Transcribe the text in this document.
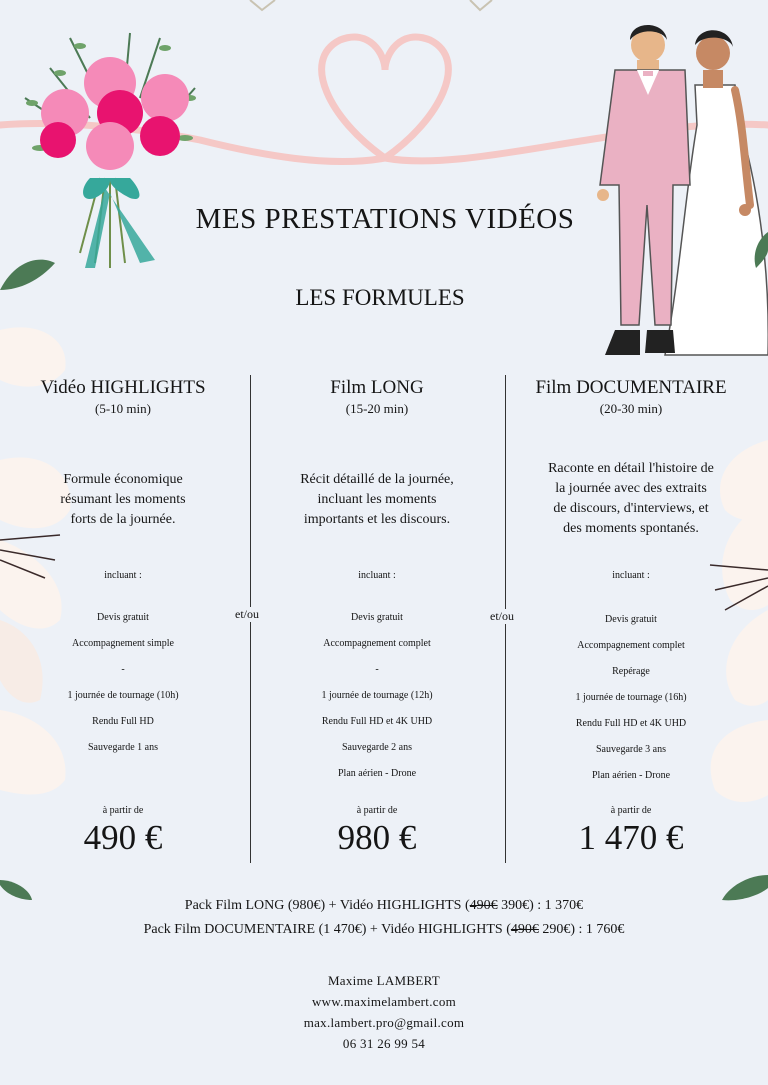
MES PRESTATIONS VIDÉOS
LES FORMULES
Vidéo HIGHLIGHTS
(5-10 min)
Formule économique
résumant les moments
forts de la journée.
incluant :
Devis gratuit
Accompagnement simple
-
1 journée de tournage (10h)
Rendu Full HD
Sauvegarde 1 ans
à partir de
490 €
Film LONG
(15-20 min)
Récit détaillé de la journée,
incluant les moments
importants et les discours.
incluant :
Devis gratuit
Accompagnement complet
-
1 journée de tournage (12h)
Rendu Full HD et 4K UHD
Sauvegarde 2 ans
Plan aérien - Drone
à partir de
980 €
Film DOCUMENTAIRE
(20-30 min)
Raconte en détail l'histoire de
la journée avec des extraits
de discours, d'interviews, et
des moments spontanés.
incluant :
Devis gratuit
Accompagnement complet
Repérage
1 journée de tournage (16h)
Rendu Full HD et 4K UHD
Sauvegarde 3 ans
Plan aérien - Drone
à partir de
1 470 €
et/ou	et/ou
Pack Film LONG (980€) + Vidéo HIGHLIGHTS (490€ 390€) : 1 370€
Pack Film DOCUMENTAIRE (1 470€) + Vidéo HIGHLIGHTS (490€ 290€) : 1 760€
Maxime LAMBERT
www.maximelambert.com
max.lambert.pro@gmail.com
06 31 26 99 54
